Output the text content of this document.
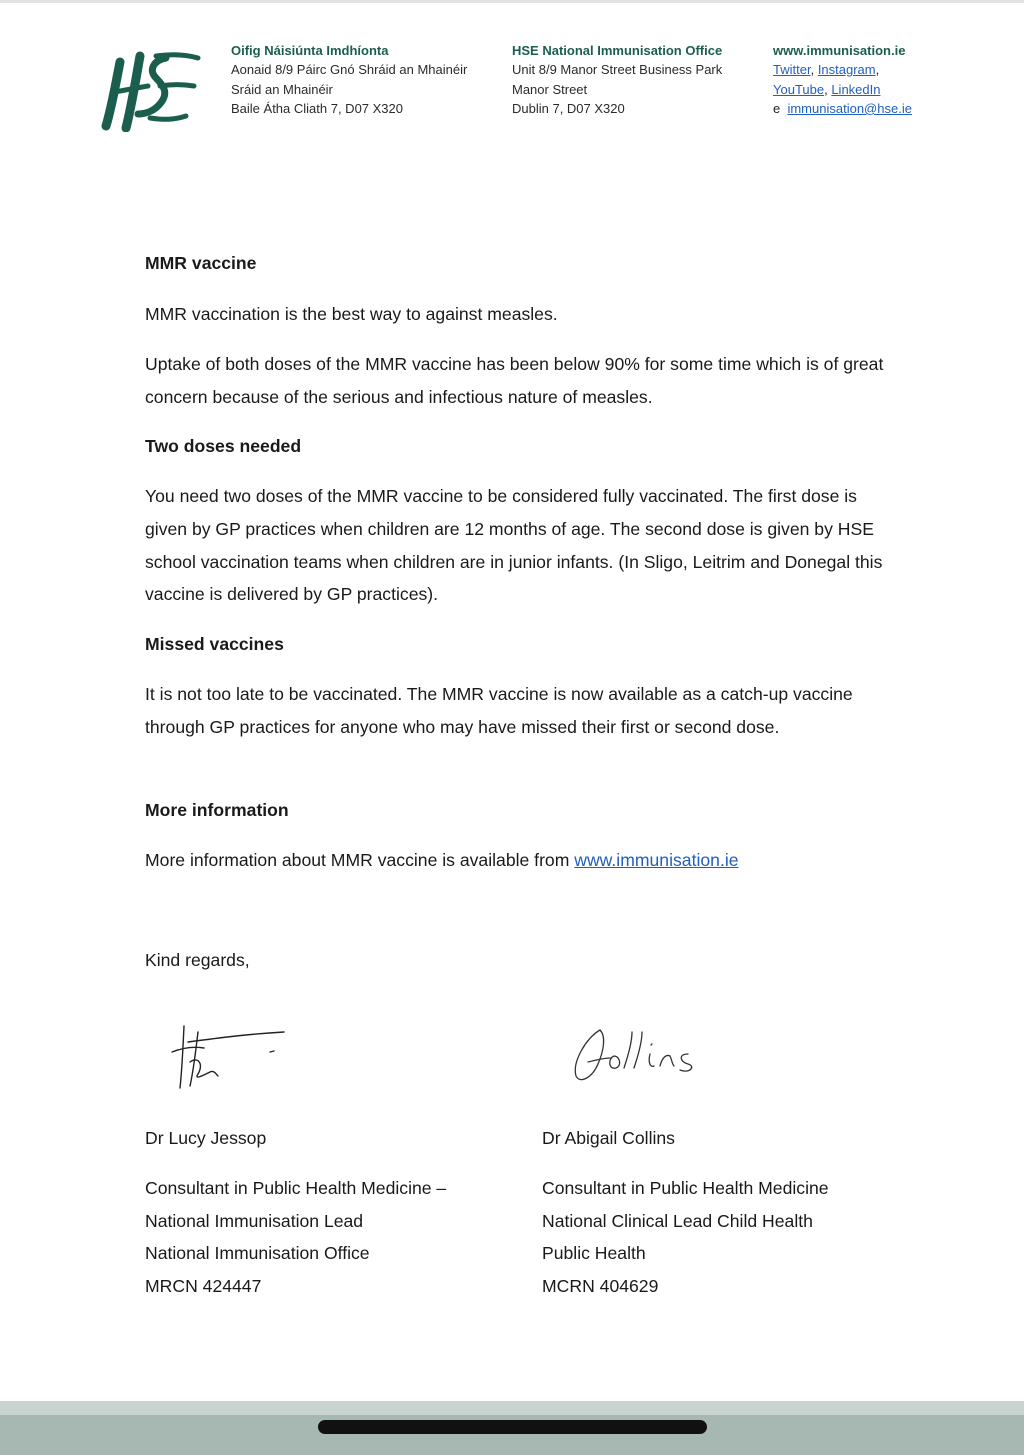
Oifig Náisiúnta Imdhíonta
Aonaid 8/9 Páirc Gnó Shráid an Mhainéir
Sráid an Mhainéir
Baile Átha Cliath 7, D07 X320
HSE National Immunisation Office
Unit 8/9 Manor Street Business Park
Manor Street
Dublin 7, D07 X320
www.immunisation.ie
Twitter, Instagram,
YouTube, LinkedIn
e immunisation@hse.ie
MMR vaccine
MMR vaccination is the best way to against measles.
Uptake of both doses of the MMR vaccine has been below 90% for some time which is of great concern because of the serious and infectious nature of measles.
Two doses needed
You need two doses of the MMR vaccine to be considered fully vaccinated. The first dose is given by GP practices when children are 12 months of age. The second dose is given by HSE school vaccination teams when children are in junior infants. (In Sligo, Leitrim and Donegal this vaccine is delivered by GP practices).
Missed vaccines
It is not too late to be vaccinated. The MMR vaccine is now available as a catch-up vaccine through GP practices for anyone who may have missed their first or second dose.
More information
More information about MMR vaccine is available from www.immunisation.ie
Kind regards,
Dr Lucy Jessop
Consultant in Public Health Medicine –
National Immunisation Lead
National Immunisation Office
MRCN 424447
Dr Abigail Collins
Consultant in Public Health Medicine
National Clinical Lead Child Health
Public Health
MCRN 404629
